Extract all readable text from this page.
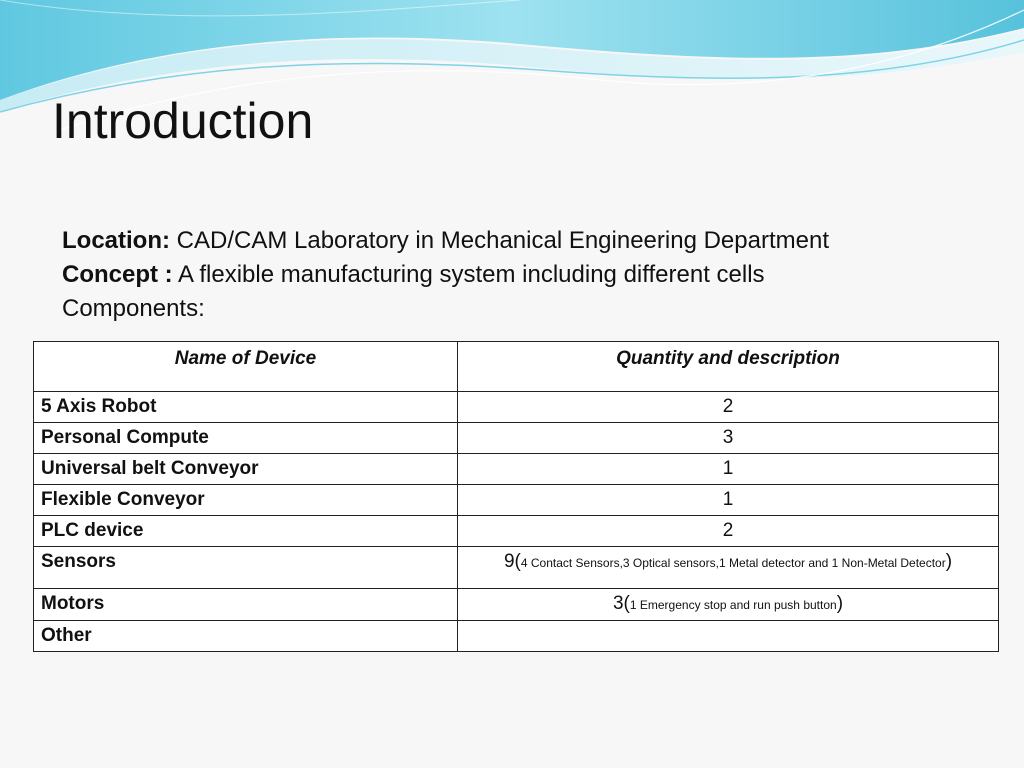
Introduction
Location: CAD/CAM Laboratory in Mechanical Engineering Department
Concept : A flexible manufacturing system including different cells
Components:
Name of Device	Quantity and description
5 Axis Robot	2
Personal Compute	3
Universal belt Conveyor	1
Flexible Conveyor	1
PLC device	2
Sensors	9(4 Contact Sensors,3 Optical sensors,1 Metal detector and 1 Non-Metal Detector)
Motors	3(1 Emergency stop and run push button)
Other	
